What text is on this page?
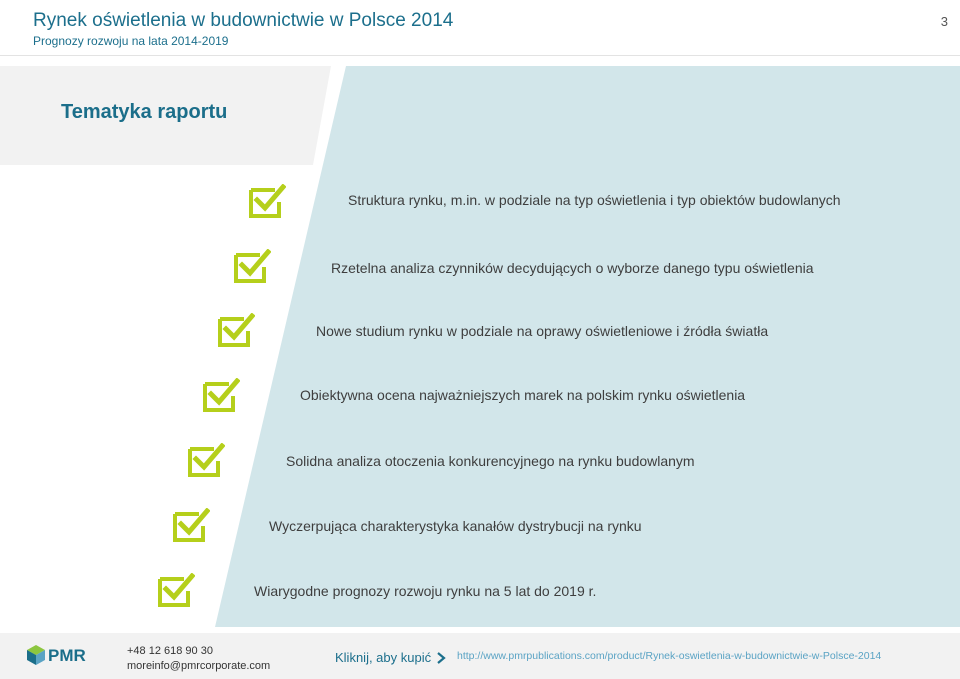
Rynek oświetlenia w budownictwie w Polsce 2014
Prognozy rozwoju na lata 2014-2019
3
Tematyka raportu
Struktura rynku, m.in. w podziale na typ oświetlenia i typ obiektów budowlanych
Rzetelna analiza czynników decydujących o wyborze danego typu oświetlenia
Nowe studium rynku w podziale na oprawy oświetleniowe i źródła światła
Obiektywna ocena najważniejszych marek na polskim rynku oświetlenia
Solidna analiza otoczenia konkurencyjnego na rynku budowlanym
Wyczerpująca charakterystyka kanałów dystrybucji na rynku
Wiarygodne prognozy rozwoju rynku na 5 lat do 2019 r.
PMR	+48 12 618 90 30
moreinfo@pmrcorporate.com
Kliknij, aby kupić http://www.pmrpublications.com/product/Rynek-oswietlenia-w-budownictwie-w-Polsce-2014
